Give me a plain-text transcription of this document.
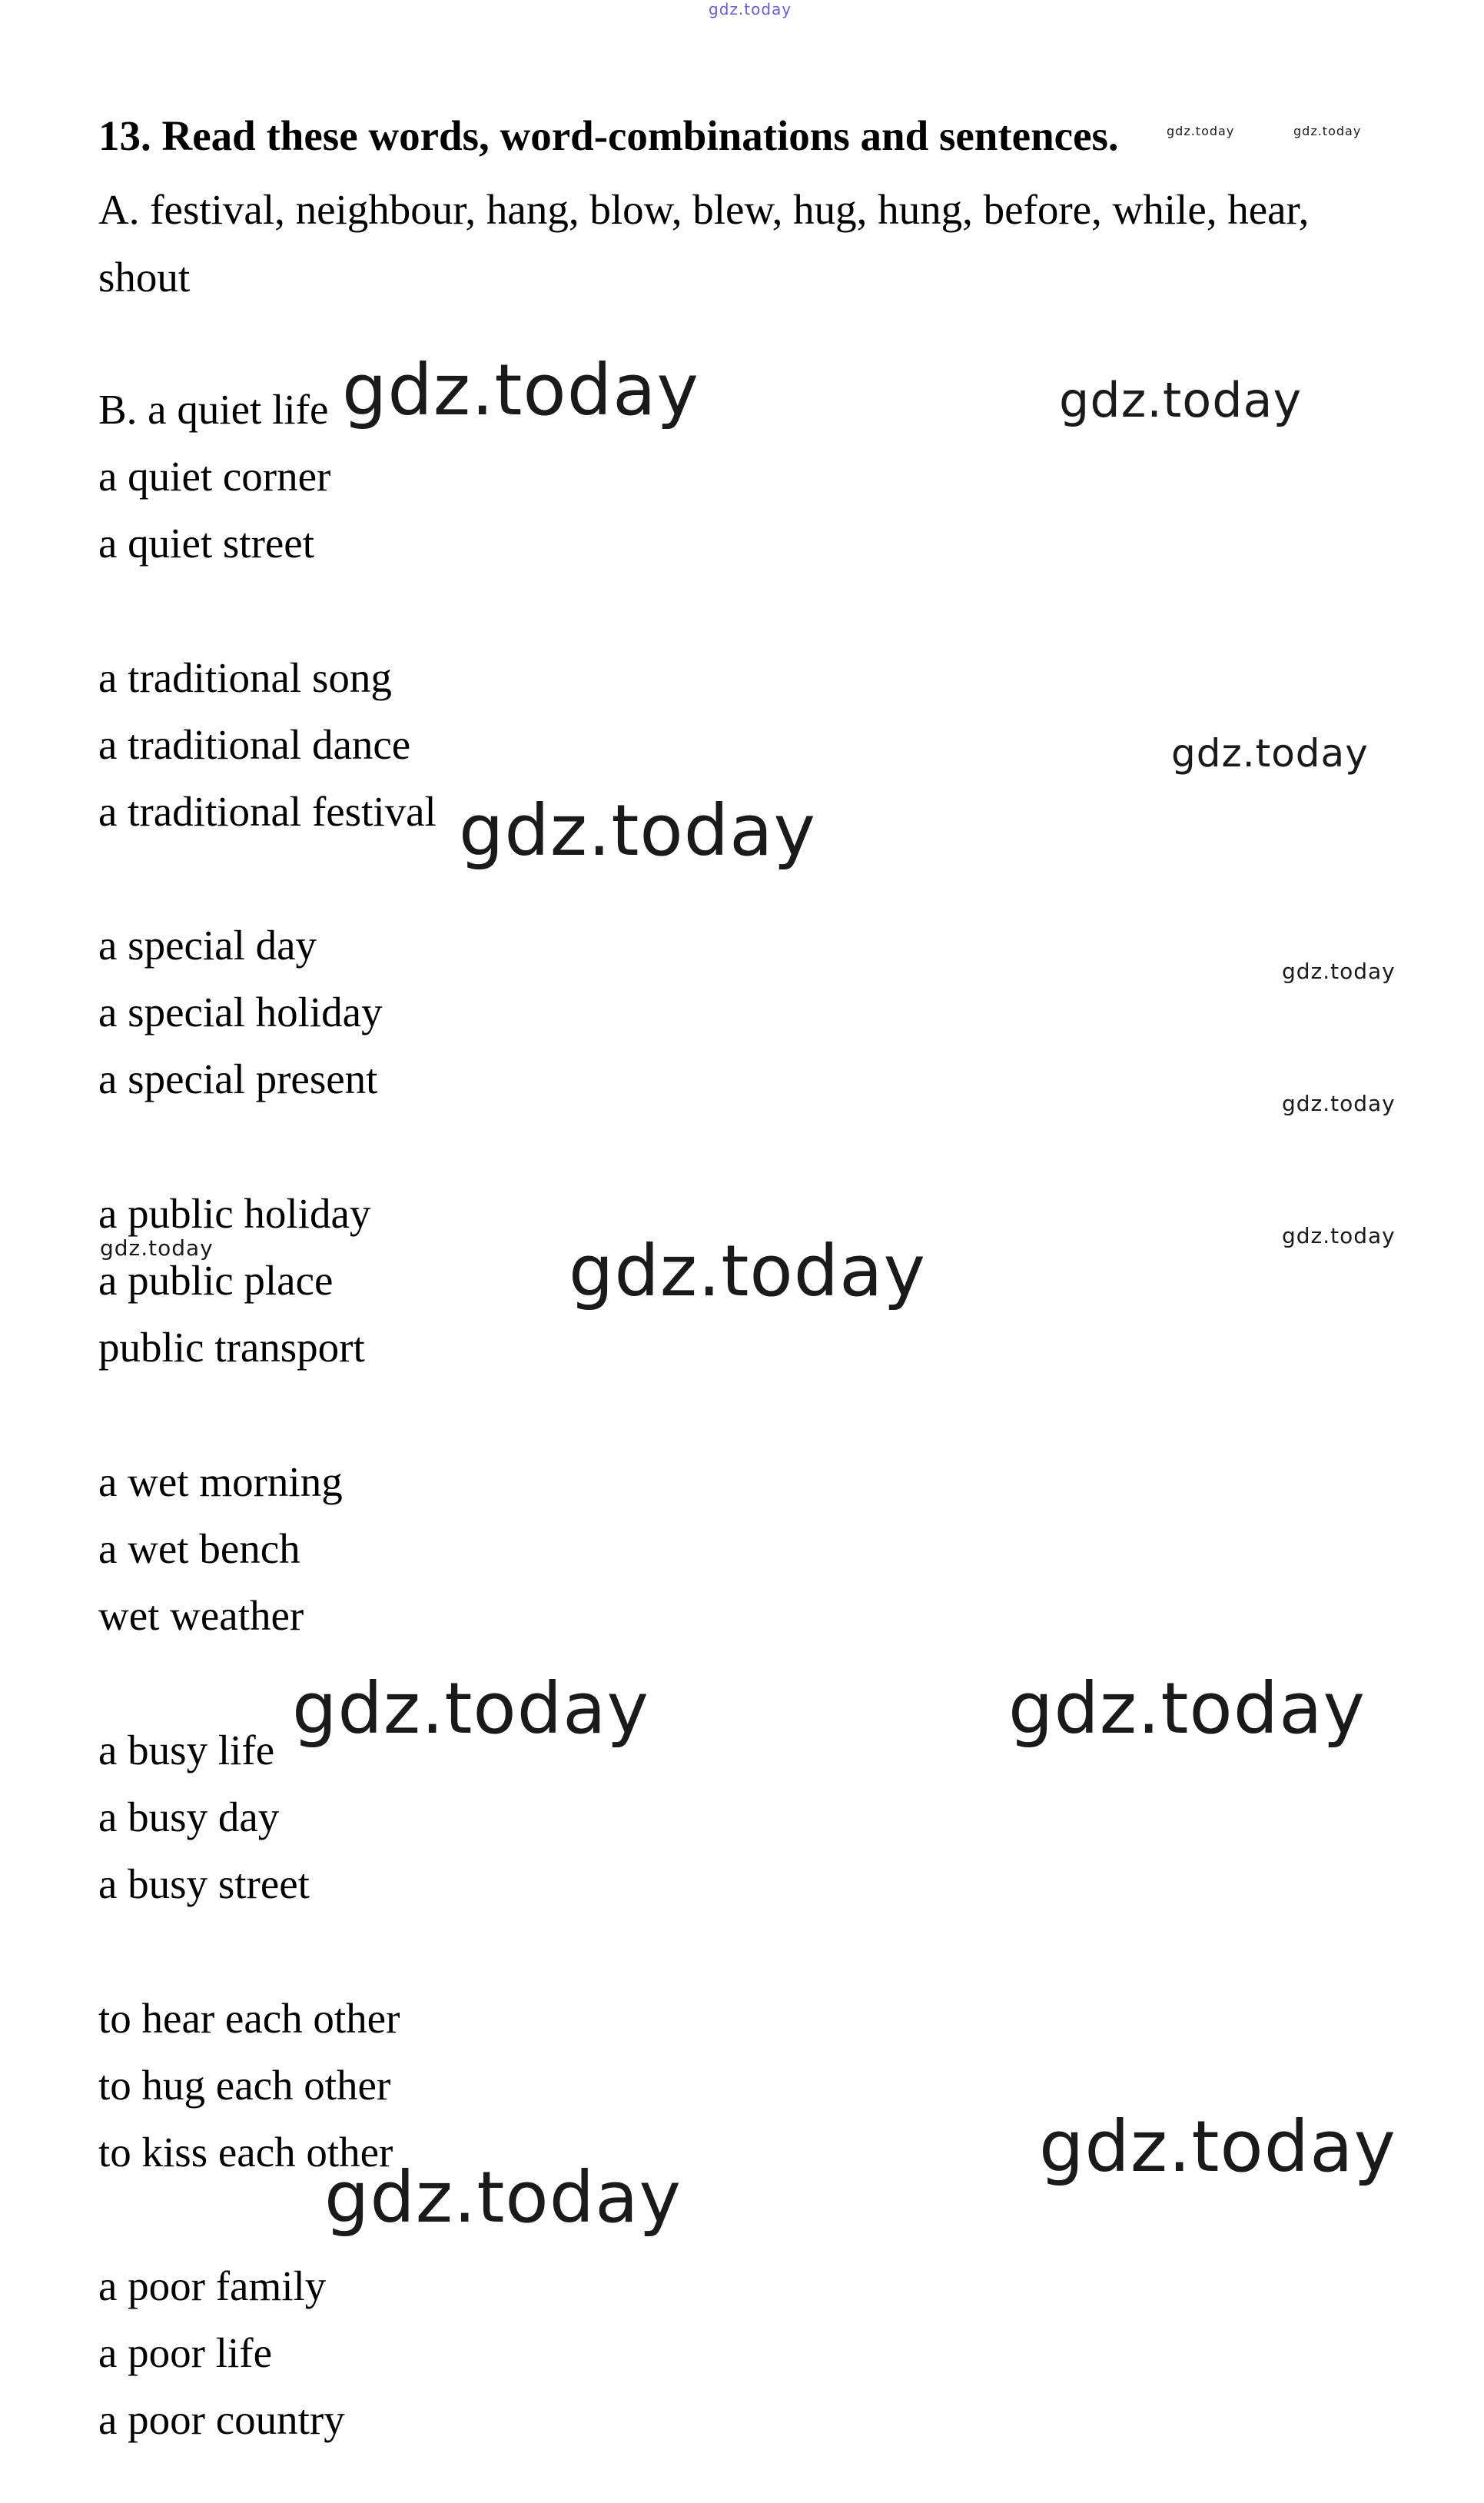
gdz.today
13. Read these words, word-combinations and sentences.	gdz.today	gdz.today
A. festival, neighbour, hang, blow, blew, hug, hung, before, while, hear,
shout
B. a quiet life
a quiet corner
a quiet street
a traditional song
a traditional dance
a traditional festival
a special day
a special holiday
a special present
a public holiday
a public place
public transport
a wet morning
a wet bench
wet weather
a busy life
a busy day
a busy street
to hear each other
to hug each other
to kiss each other
a poor family
a poor life
a poor country
gdz.today	gdz.today
gdz.today
gdz.today
gdz.today
gdz.today
gdz.today
gdz.today	gdz.today
gdz.today	gdz.today
gdz.today
gdz.today
